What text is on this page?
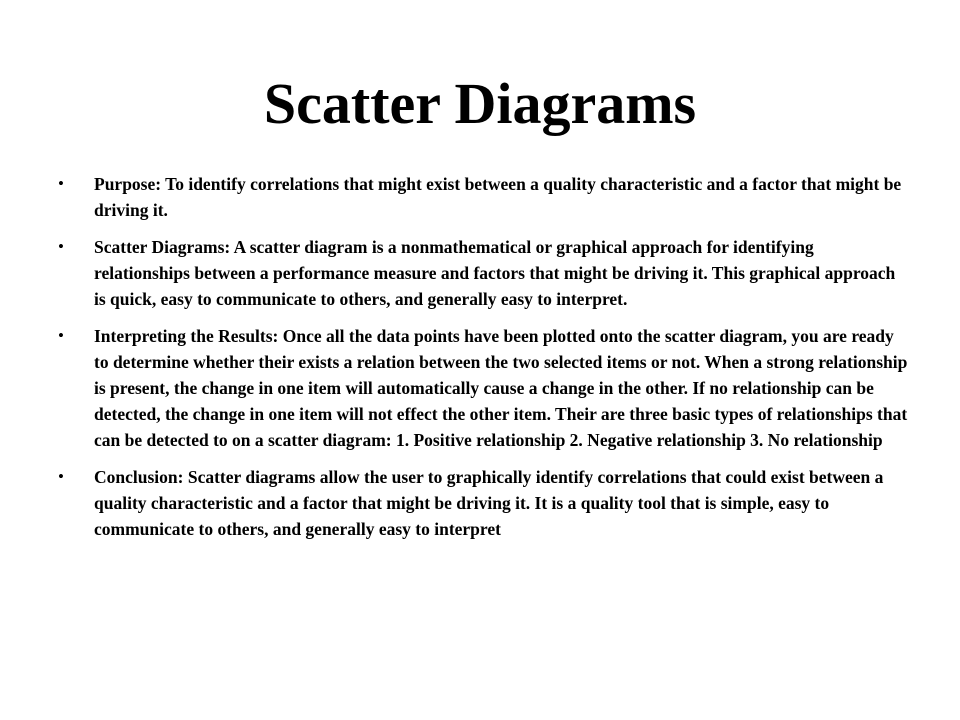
Scatter Diagrams
• Purpose: To identify correlations that might exist between a quality characteristic and a factor that might be driving it.
• Scatter Diagrams: A scatter diagram is a nonmathematical or graphical approach for identifying relationships between a performance measure and factors that might be driving it. This graphical approach is quick, easy to communicate to others, and generally easy to interpret.
• Interpreting the Results: Once all the data points have been plotted onto the scatter diagram, you are ready to determine whether their exists a relation between the two selected items or not. When a strong relationship is present, the change in one item will automatically cause a change in the other. If no relationship can be detected, the change in one item will not effect the other item. Their are three basic types of relationships that can be detected to on a scatter diagram: 1. Positive relationship 2. Negative relationship 3. No relationship
• Conclusion: Scatter diagrams allow the user to graphically identify correlations that could exist between a quality characteristic and a factor that might be driving it. It is a quality tool that is simple, easy to communicate to others, and generally easy to interpret
